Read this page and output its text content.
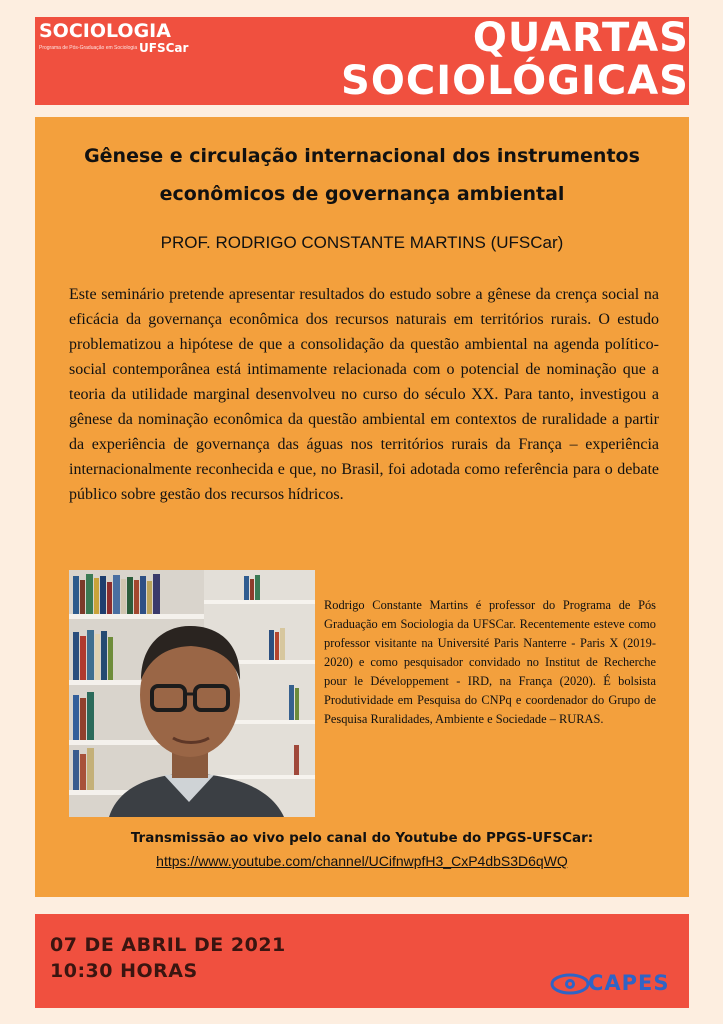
SOCIOLOGIA
Programa de Pós-Graduação em Sociologia UFSCar	QUARTAS
SOCIOLÓGICAS
Gênese e circulação internacional dos instrumentos
econômicos de governança ambiental
PROF. RODRIGO CONSTANTE MARTINS (UFSCar)
Este seminário pretende apresentar resultados do estudo sobre a gênese da crença social na eficácia da governança econômica dos recursos naturais em territórios rurais. O estudo problematizou a hipótese de que a consolidação da questão ambiental na agenda político-social contemporânea está intimamente relacionada com o potencial de nominação que a teoria da utilidade marginal desenvolveu no curso do século XX. Para tanto, investigou a gênese da nominação econômica da questão ambiental em contextos de ruralidade a partir da experiência de governança das águas nos territórios rurais da França – experiência internacionalmente reconhecida e que, no Brasil, foi adotada como referência para o debate público sobre gestão dos recursos hídricos.
Rodrigo Constante Martins é professor do Programa de Pós Graduação em Sociologia da UFSCar. Recentemente esteve como professor visitante na Université Paris Nanterre - Paris X (2019-2020) e como pesquisador convidado no Institut de Recherche pour le Développement - IRD, na França (2020). É bolsista Produtividade em Pesquisa do CNPq e coordenador do Grupo de Pesquisa Ruralidades, Ambiente e Sociedade – RURAS.
Transmissão ao vivo pelo canal do Youtube do PPGS-UFSCar:
https://www.youtube.com/channel/UCifnwpfH3_CxP4dbS3D6qWQ
07 DE ABRIL DE 2021
10:30 HORAS	CAPES
